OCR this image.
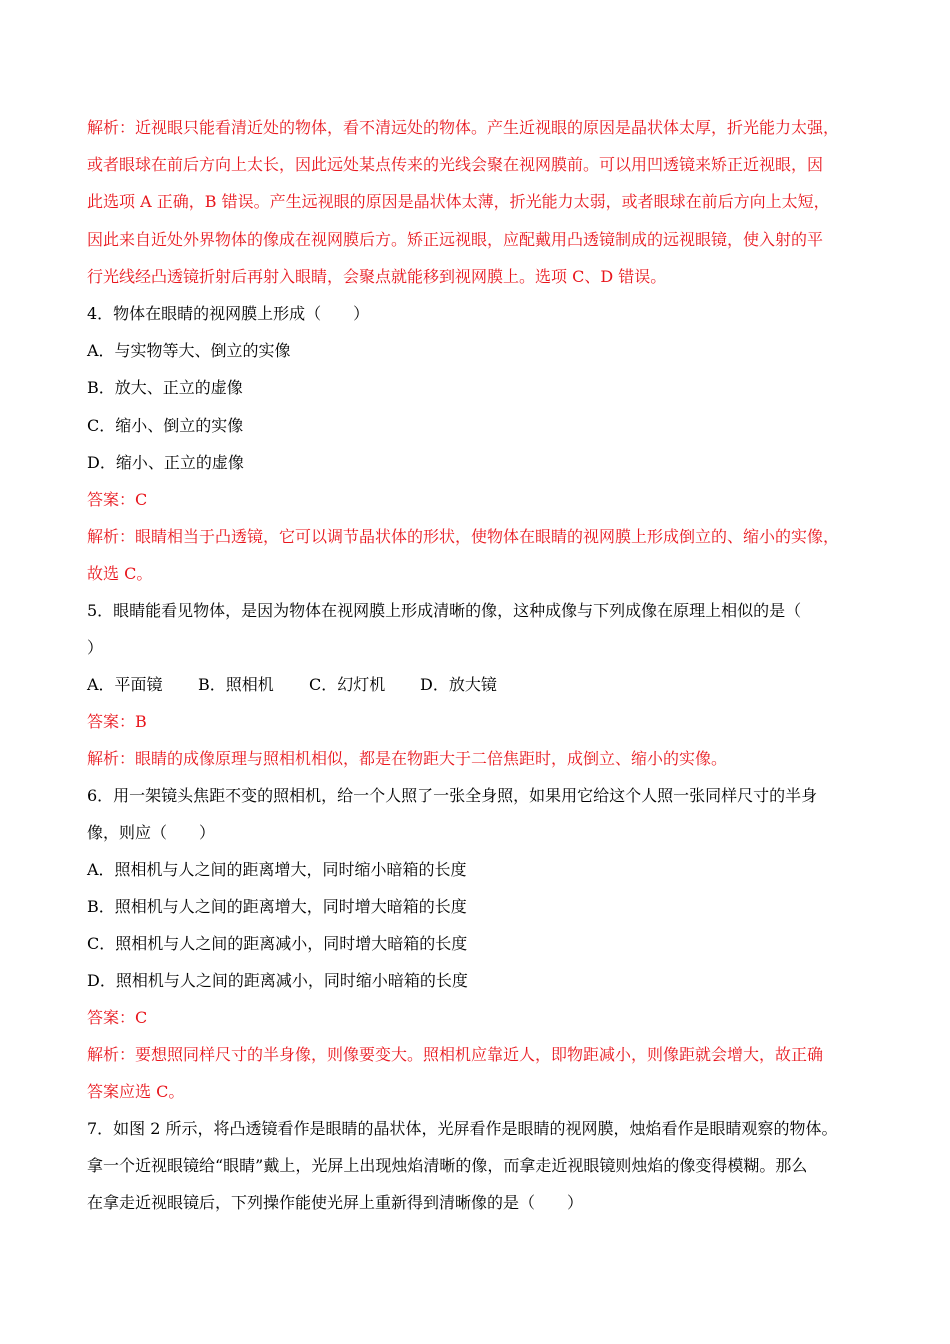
解析：近视眼只能看清近处的物体，看不清远处的物体。产生近视眼的原因是晶状体太厚，折光能力太强，
或者眼球在前后方向上太长，因此远处某点传来的光线会聚在视网膜前。可以用凹透镜来矫正近视眼，因
此选项 A 正确，B 错误。产生远视眼的原因是晶状体太薄，折光能力太弱，或者眼球在前后方向上太短，
因此来自近处外界物体的像成在视网膜后方。矫正远视眼，应配戴用凸透镜制成的远视眼镜，使入射的平
行光线经凸透镜折射后再射入眼睛，会聚点就能移到视网膜上。选项 C、D 错误。
4．物体在眼睛的视网膜上形成（　　）
A．与实物等大、倒立的实像
B．放大、正立的虚像
C．缩小、倒立的实像
D．缩小、正立的虚像
答案：C
解析：眼睛相当于凸透镜，它可以调节晶状体的形状，使物体在眼睛的视网膜上形成倒立的、缩小的实像，
故选 C。
5．眼睛能看见物体，是因为物体在视网膜上形成清晰的像，这种成像与下列成像在原理上相似的是（
）
A．平面镜 B．照相机 C．幻灯机 D．放大镜
答案：B
解析：眼睛的成像原理与照相机相似，都是在物距大于二倍焦距时，成倒立、缩小的实像。
6．用一架镜头焦距不变的照相机，给一个人照了一张全身照，如果用它给这个人照一张同样尺寸的半身
像，则应（　　）
A．照相机与人之间的距离增大，同时缩小暗箱的长度
B．照相机与人之间的距离增大，同时增大暗箱的长度
C．照相机与人之间的距离减小，同时增大暗箱的长度
D．照相机与人之间的距离减小，同时缩小暗箱的长度
答案：C
解析：要想照同样尺寸的半身像，则像要变大。照相机应靠近人，即物距减小，则像距就会增大，故正确
答案应选 C。
7．如图 2 所示，将凸透镜看作是眼睛的晶状体，光屏看作是眼睛的视网膜，烛焰看作是眼睛观察的物体。
拿一个近视眼镜给“眼睛”戴上，光屏上出现烛焰清晰的像，而拿走近视眼镜则烛焰的像变得模糊。那么
在拿走近视眼镜后，下列操作能使光屏上重新得到清晰像的是（　　）
